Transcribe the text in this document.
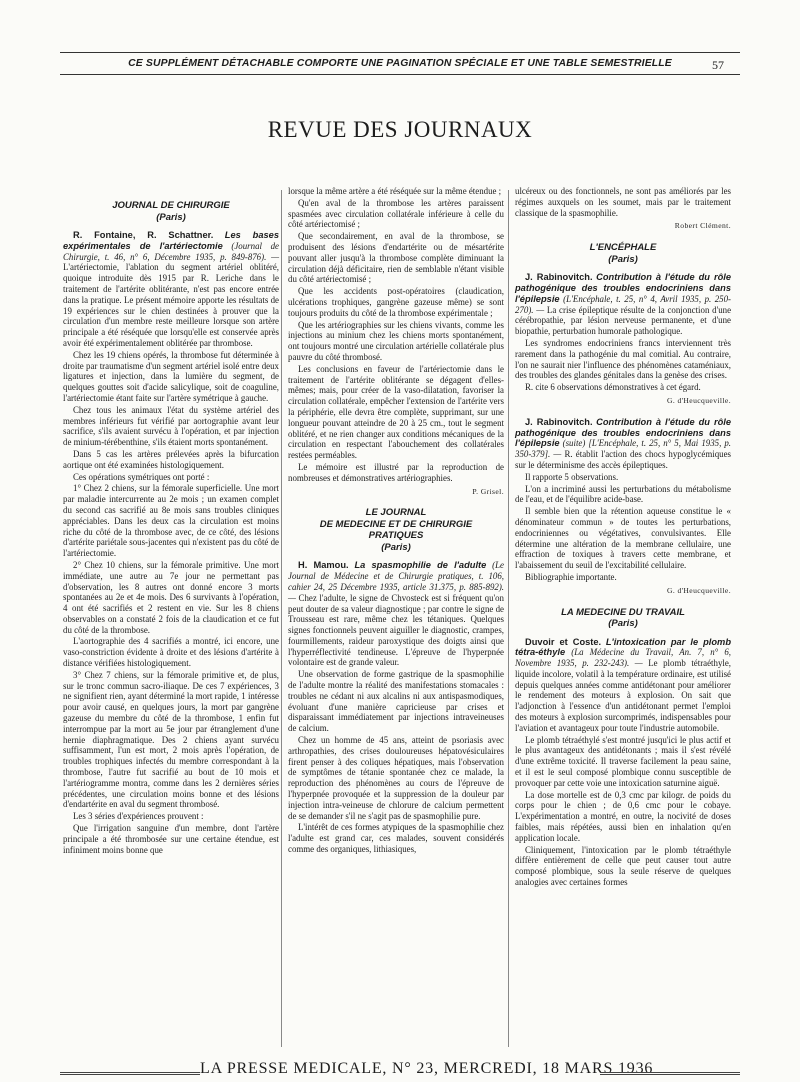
CE SUPPLÉMENT DÉTACHABLE COMPORTE UNE PAGINATION SPÉCIALE ET UNE TABLE SEMESTRIELLE	57
REVUE DES JOURNAUX
JOURNAL DE CHIRURGIE
(Paris)

R. Fontaine, R. Schattner. Les bases expérimentales de l'artériectomie (Journal de Chirurgie, t. 46, n° 6, Décembre 1935, p. 849-876). — L'artériectomie, l'ablation du segment artériel oblitéré, quoique introduite dès 1915 par R. Leriche dans le traitement de l'artérite oblitérante, n'est pas encore entrée dans la pratique. Le présent mémoire apporte les résultats de 19 expériences sur le chien destinées à prouver que la circulation d'un membre reste meilleure lorsque son artère principale a été réséquée que lorsqu'elle est conservée après avoir été expérimentalement oblitérée par thrombose.

Chez les 19 chiens opérés, la thrombose fut déterminée à droite par traumatisme d'un segment artériel isolé entre deux ligatures et injection, dans la lumière du segment, de quelques gouttes soit d'acide salicylique, soit de coaguline, l'artériectomie étant faite sur l'artère symétrique à gauche.

Chez tous les animaux l'état du système artériel des membres inférieurs fut vérifié par aortographie avant leur sacrifice, s'ils avaient survécu à l'opération, et par injection de minium-térébenthine, s'ils étaient morts spontanément.

Dans 5 cas les artères prélevées après la bifurcation aortique ont été examinées histologiquement.

Ces opérations symétriques ont porté :

1° Chez 2 chiens, sur la fémorale superficielle. Une mort par maladie intercurrente au 2e mois ; un examen complet du second cas sacrifié au 8e mois sans troubles cliniques appréciables. Dans les deux cas la circulation est moins riche du côté de la thrombose avec, de ce côté, des lésions d'artérite pariétale sous-jacentes qui n'existent pas du côté de l'artériectomie.

2° Chez 10 chiens, sur la fémorale primitive. Une mort immédiate, une autre au 7e jour ne permettant pas d'observation, les 8 autres ont donné encore 3 morts spontanées au 2e et 4e mois. Des 6 survivants à l'opération, 4 ont été sacrifiés et 2 restent en vie. Sur les 8 chiens observables on a constaté 2 fois de la claudication et ce fut du côté de la thrombose.

L'aortographie des 4 sacrifiés a montré, ici encore, une vaso-constriction évidente à droite et des lésions d'artérite à distance vérifiées histologiquement.

3° Chez 7 chiens, sur la fémorale primitive et, de plus, sur le tronc commun sacro-iliaque. De ces 7 expériences, 3 ne signifient rien, ayant déterminé la mort rapide, 1 intéresse pour avoir causé, en quelques jours, la mort par gangrène gazeuse du membre du côté de la thrombose, 1 enfin fut interrompue par la mort au 5e jour par étranglement d'une hernie diaphragmatique. Des 2 chiens ayant survécu suffisamment, l'un est mort, 2 mois après l'opération, de troubles trophiques infectés du membre correspondant à la thrombose, l'autre fut sacrifié au bout de 10 mois et l'artériogramme montra, comme dans les 2 dernières séries précédentes, une circulation moins bonne et des lésions d'endartérite en aval du segment thrombosé.

Les 3 séries d'expériences prouvent :

Que l'irrigation sanguine d'un membre, dont l'artère principale a été thrombosée sur une certaine étendue, est infiniment moins bonne que

lorsque la même artère a été réséquée sur la même étendue ;

Qu'en aval de la thrombose les artères paraissent spasmées avec circulation collatérale inférieure à celle du côté artériectomisé ;

Que secondairement, en aval de la thrombose, se produisent des lésions d'endartérite ou de mésartérite pouvant aller jusqu'à la thrombose complète diminuant la circulation déjà déficitaire, rien de semblable n'étant visible du côté artériectomisé ;

Que les accidents post-opératoires (claudication, ulcérations trophiques, gangrène gazeuse même) se sont toujours produits du côté de la thrombose expérimentale ;

Que les artériographies sur les chiens vivants, comme les injections au minium chez les chiens morts spontanément, ont toujours montré une circulation artérielle collatérale plus pauvre du côté thrombosé.

Les conclusions en faveur de l'artériectomie dans le traitement de l'artérite oblitérante se dégagent d'elles-mêmes; mais, pour créer de la vaso-dilatation, favoriser la circulation collatérale, empêcher l'extension de l'artérite vers la périphérie, elle devra être complète, supprimant, sur une longueur pouvant atteindre de 20 à 25 cm., tout le segment oblitéré, et ne rien changer aux conditions mécaniques de la circulation en respectant l'abouchement des collatérales restées perméables.

Le mémoire est illustré par la reproduction de nombreuses et démonstratives artériographies.

P. Grisel.

LE JOURNAL
DE MEDECINE ET DE CHIRURGIE
PRATIQUES
(Paris)

H. Mamou. La spasmophilie de l'adulte (Le Journal de Médecine et de Chirurgie pratiques, t. 106, cahier 24, 25 Décembre 1935, article 31.375, p. 885-892). — Chez l'adulte, le signe de Chvosteck est si fréquent qu'on peut douter de sa valeur diagnostique ; par contre le signe de Trousseau est rare, même chez les tétaniques. Quelques signes fonctionnels peuvent aiguiller le diagnostic, crampes, fourmillements, raideur paroxystique des doigts ainsi que l'hyperréflectivité tendineuse. L'épreuve de l'hyperpnée volontaire est de grande valeur.

Une observation de forme gastrique de la spasmophilie de l'adulte montre la réalité des manifestations stomacales : troubles ne cédant ni aux alcalins ni aux antispasmodiques, évoluant d'une manière capricieuse par crises et disparaissant immédiatement par injections intraveineuses de calcium.

Chez un homme de 45 ans, atteint de psoriasis avec arthropathies, des crises douloureuses hépatovésiculaires firent penser à des coliques hépatiques, mais l'observation de symptômes de tétanie spontanée chez ce malade, la reproduction des phénomènes au cours de l'épreuve de l'hyperpnée provoquée et la suppression de la douleur par injection intra-veineuse de chlorure de calcium permettent de se demander s'il ne s'agit pas de spasmophilie pure.

L'intérêt de ces formes atypiques de la spasmophilie chez l'adulte est grand car, ces malades, souvent considérés comme des organiques, lithiasiques,

ulcéreux ou des fonctionnels, ne sont pas améliorés par les régimes auxquels on les soumet, mais par le traitement classique de la spasmophilie.

Robert Clément.

L'ENCÉPHALE
(Paris)

J. Rabinovitch. Contribution à l'étude du rôle pathogénique des troubles endocriniens dans l'épilepsie (L'Encéphale, t. 25, n° 4, Avril 1935, p. 250-270). — La crise épileptique résulte de la conjonction d'une cérébropathie, par lésion nerveuse permanente, et d'une biopathie, perturbation humorale pathologique.

Les syndromes endocriniens francs interviennent très rarement dans la pathogénie du mal comitial. Au contraire, l'on ne saurait nier l'influence des phénomènes cataméniaux, des troubles des glandes génitales dans la genèse des crises.

R. cite 6 observations démonstratives à cet égard.

G. d'Heucqueville.

J. Rabinovitch. Contribution à l'étude du rôle pathogénique des troubles endocriniens dans l'épilepsie (suite) [L'Encéphale, t. 25, n° 5, Mai 1935, p. 350-379]. — R. établit l'action des chocs hypoglycémiques sur le déterminisme des accès épileptiques.

Il rapporte 5 observations.

L'on a incriminé aussi les perturbations du métabolisme de l'eau, et de l'équilibre acide-base.

Il semble bien que la rétention aqueuse constitue le « dénominateur commun » de toutes les perturbations, endocriniennes ou végétatives, convulsivantes. Elle détermine une altération de la membrane cellulaire, une effraction de toxiques à travers cette membrane, et l'abaissement du seuil de l'excitabilité cellulaire.

Bibliographie importante.

G. d'Heucqueville.

LA MEDECINE DU TRAVAIL
(Paris)

Duvoir et Coste. L'intoxication par le plomb tétra-éthyle (La Médecine du Travail, An. 7, n° 6, Novembre 1935, p. 232-243). — Le plomb tétraéthyle, liquide incolore, volatil à la température ordinaire, est utilisé depuis quelques années comme antidétonant pour améliorer le rendement des moteurs à explosion. On sait que l'adjonction à l'essence d'un antidétonant permet l'emploi des moteurs à explosion surcomprimés, indispensables pour l'aviation et avantageux pour toute l'industrie automobile.

Le plomb tétraéthylé s'est montré jusqu'ici le plus actif et le plus avantageux des antidétonants ; mais il s'est révélé d'une extrême toxicité. Il traverse facilement la peau saine, et il est le seul composé plombique connu susceptible de provoquer par cette voie une intoxication saturnine aiguë.

La dose mortelle est de 0,3 cmc par kilogr. de poids du corps pour le chien ; de 0,6 cmc pour le cobaye. L'expérimentation a montré, en outre, la nocivité de doses faibles, mais répétées, aussi bien en inhalation qu'en application locale.

Cliniquement, l'intoxication par le plomb tétraéthyle diffère entièrement de celle que peut causer tout autre composé plombique, sous la seule réserve de quelques analogies avec certaines formes

LA PRESSE MEDICALE, N° 23, MERCREDI, 18 MARS 1936
